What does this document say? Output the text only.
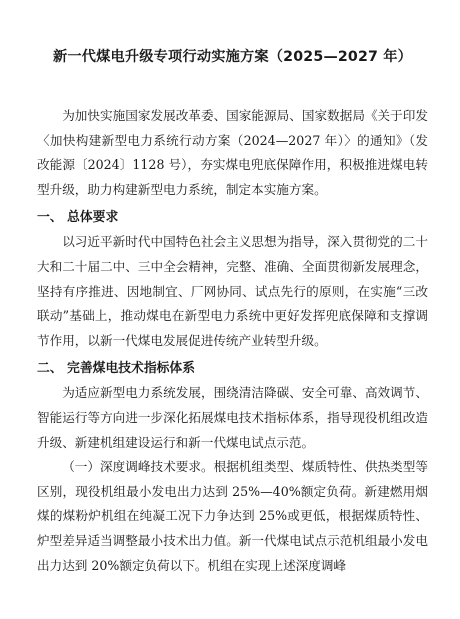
新一代煤电升级专项行动实施方案（2025—2027 年）

为加快实施国家发展改革委、国家能源局、国家数据局《关于印发〈加快构建新型电力系统行动方案（2024—2027 年）〉的通知》（发改能源〔2024〕1128 号），夯实煤电兜底保障作用，积极推进煤电转型升级，助力构建新型电力系统，制定本实施方案。

一、 总体要求

以习近平新时代中国特色社会主义思想为指导，深入贯彻党的二十大和二十届二中、三中全会精神，完整、准确、全面贯彻新发展理念，坚持有序推进、因地制宜、厂网协同、试点先行的原则，在实施“三改联动”基础上，推动煤电在新型电力系统中更好发挥兜底保障和支撑调节作用，以新一代煤电发展促进传统产业转型升级。

二、 完善煤电技术指标体系

为适应新型电力系统发展，围绕清洁降碳、安全可靠、高效调节、智能运行等方向进一步深化拓展煤电技术指标体系，指导现役机组改造升级、新建机组建设运行和新一代煤电试点示范。

（一）深度调峰技术要求。根据机组类型、煤质特性、供热类型等区别，现役机组最小发电出力达到 25%—40%额定负荷。新建燃用烟煤的煤粉炉机组在纯凝工况下力争达到 25%或更低，根据煤质特性、炉型差异适当调整最小技术出力值。新一代煤电试点示范机组最小发电出力达到 20%额定负荷以下。机组在实现上述深度调峰
